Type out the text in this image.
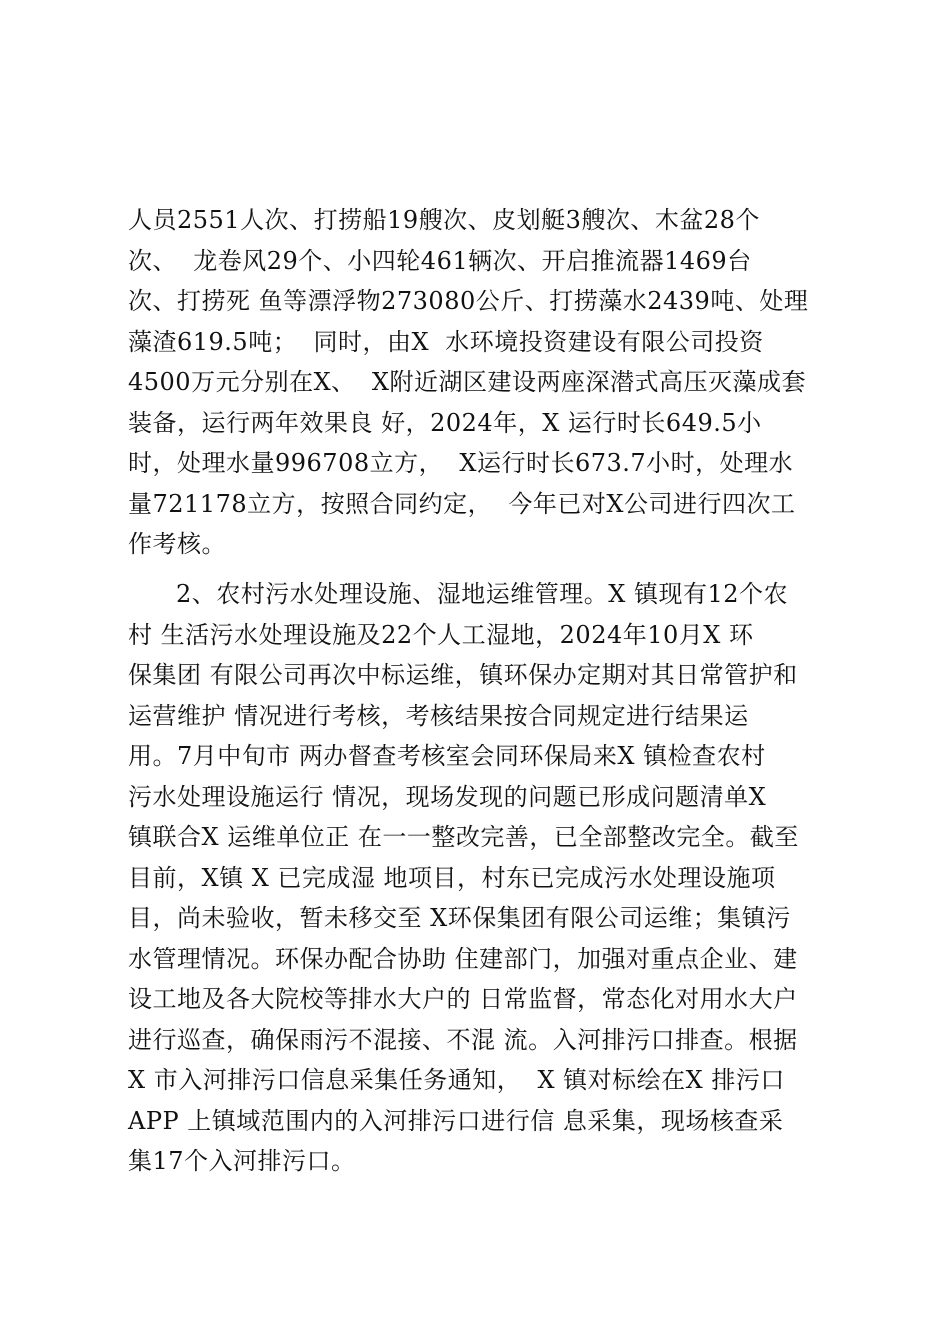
人员2551人次、打捞船19艘次、皮划艇3艘次、木盆28个
次、  龙卷风29个、小四轮461辆次、开启推流器1469台
次、打捞死 鱼等漂浮物273080公斤、打捞藻水2439吨、处理
藻渣619.5吨；  同时，由X  水环境投资建设有限公司投资
4500万元分别在X、  X附近湖区建设两座深潜式高压灭藻成套
装备，运行两年效果良 好，2024年，X 运行时长649.5小
时，处理水量996708立方，  X运行时长673.7小时，处理水
量721178立方，按照合同约定，  今年已对X公司进行四次工
作考核。
2、农村污水处理设施、湿地运维管理。X 镇现有12个农
村 生活污水处理设施及22个人工湿地，2024年10月X 环
保集团 有限公司再次中标运维，镇环保办定期对其日常管护和
运营维护 情况进行考核，考核结果按合同规定进行结果运
用。7月中旬市 两办督查考核室会同环保局来X 镇检查农村
污水处理设施运行 情况，现场发现的问题已形成问题清单X
镇联合X 运维单位正 在一一整改完善，已全部整改完全。截至
目前，X镇 X 已完成湿 地项目，村东已完成污水处理设施项
目，尚未验收，暂未移交至 X环保集团有限公司运维；集镇污
水管理情况。环保办配合协助 住建部门，加强对重点企业、建
设工地及各大院校等排水大户的 日常监督，常态化对用水大户
进行巡查，确保雨污不混接、不混 流。入河排污口排查。根据
X 市入河排污口信息采集任务通知，  X 镇对标绘在X 排污口
APP 上镇域范围内的入河排污口进行信 息采集，现场核查采
集17个入河排污口。
